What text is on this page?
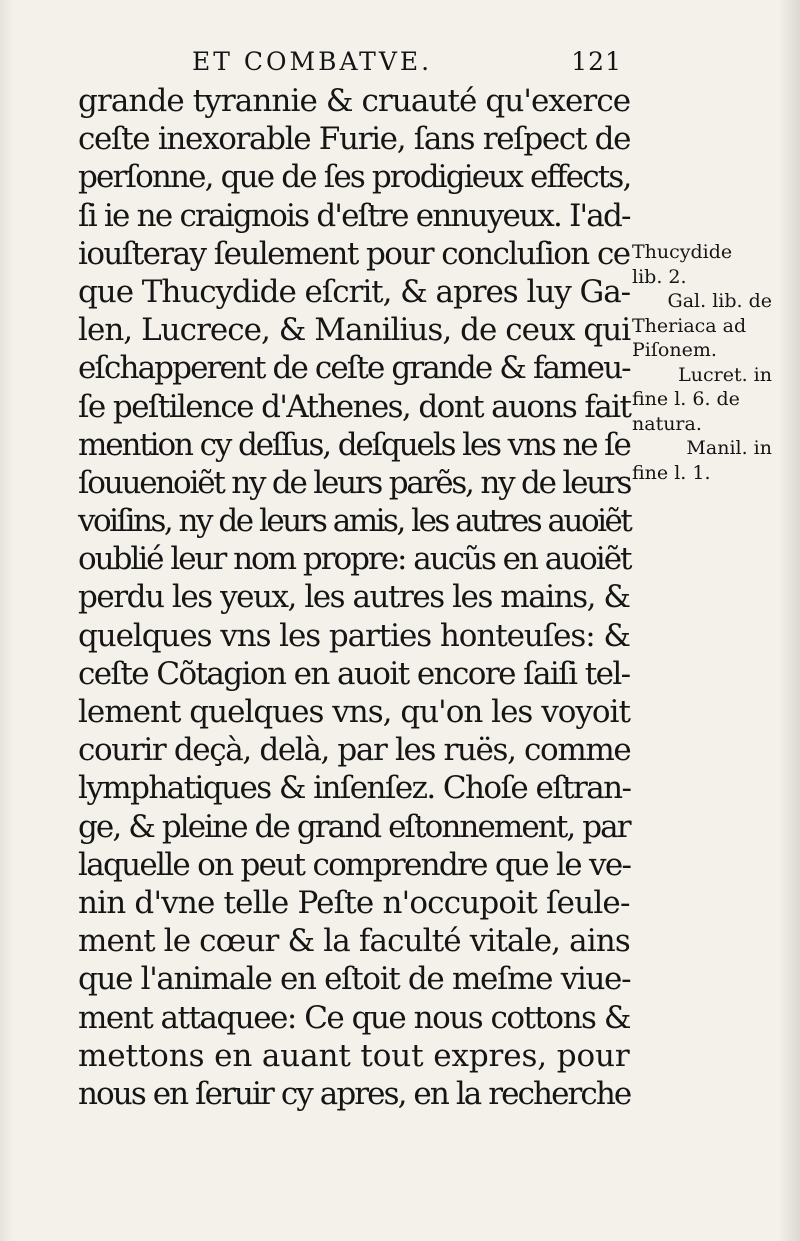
ET COMBATVE.	121
grande tyrannie & cruauté qu'exerce
ceſte inexorable Furie, ſans reſpect de
perſonne, que de ſes prodigieux effects,
ſi ie ne craignois d'eſtre ennuyeux. I'ad-
iouſteray ſeulement pour concluſion ce
que Thucydide eſcrit, & apres luy Ga-
len, Lucrece, & Manilius, de ceux qui
eſchapperent de ceſte grande & fameu-
ſe peſtilence d'Athenes, dont auons fait
mention cy deſſus, deſquels les vns ne ſe
ſouuenoiẽt ny de leurs parẽs, ny de leurs
voiſins, ny de leurs amis, les autres auoiẽt
oublié leur nom propre: aucũs en auoiẽt
perdu les yeux, les autres les mains, &
quelques vns les parties honteuſes: &
ceſte Cõtagion en auoit encore ſaiſi tel-
lement quelques vns, qu'on les voyoit
courir deçà, delà, par les ruës, comme
lymphatiques & inſenſez. Choſe eſtran-
ge, & pleine de grand eſtonnement, par
laquelle on peut comprendre que le ve-
nin d'vne telle Peſte n'occupoit ſeule-
ment le cœur & la faculté vitale, ains
que l'animale en eſtoit de meſme viue-
ment attaquee: Ce que nous cottons &
mettons en auant tout expres, pour
nous en ſeruir cy apres, en la recherche
Thucydide
lib. 2.
Gal. lib. de
Theriaca ad
Piſonem.
Lucret. in
fine l. 6. de
natura.
Manil. in
fine l. 1.
